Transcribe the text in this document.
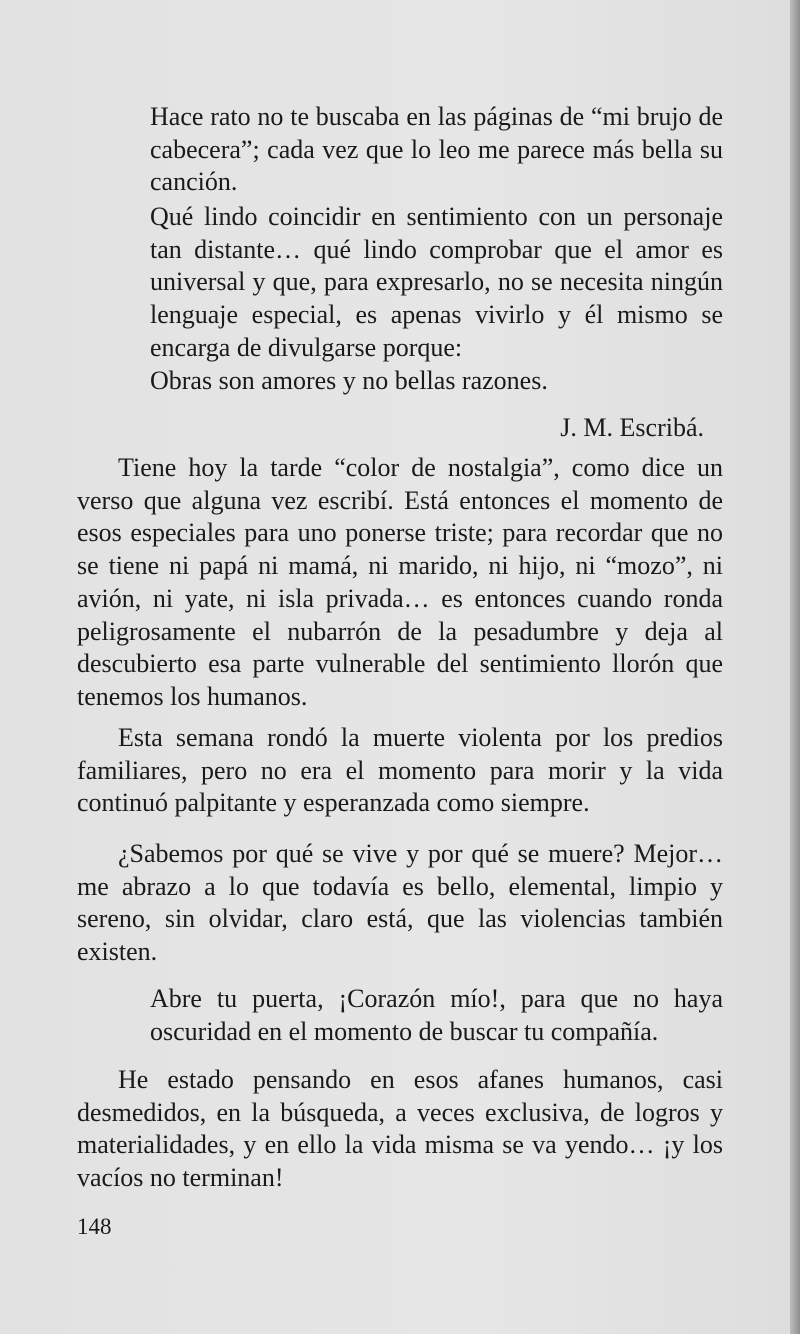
Hace rato no te buscaba en las páginas de “mi brujo de cabecera”; cada vez que lo leo me parece más bella su canción.

Qué lindo coincidir en sentimiento con un personaje tan distante… qué lindo comprobar que el amor es universal y que, para expresarlo, no se necesita ningún lenguaje especial, es apenas vivirlo y él mismo se encarga de divulgarse porque:

Obras son amores y no bellas razones.

J. M. Escribá.

Tiene hoy la tarde “color de nostalgia”, como dice un verso que alguna vez escribí. Está entonces el momento de esos especiales para uno ponerse triste; para recordar que no se tiene ni papá ni mamá, ni marido, ni hijo, ni “mozo”, ni avión, ni yate, ni isla privada… es entonces cuando ronda peligrosamente el nubarrón de la pesadumbre y deja al descubierto esa parte vulnerable del sentimiento llorón que tenemos los humanos.

Esta semana rondó la muerte violenta por los predios familiares, pero no era el momento para morir y la vida continuó palpitante y esperanzada como siempre.

¿Sabemos por qué se vive y por qué se muere? Mejor… me abrazo a lo que todavía es bello, elemental, limpio y sereno, sin olvidar, claro está, que las violencias también existen.

Abre tu puerta, ¡Corazón mío!, para que no haya oscuridad en el momento de buscar tu compañía.

He estado pensando en esos afanes humanos, casi desmedidos, en la búsqueda, a veces exclusiva, de logros y materialidades, y en ello la vida misma se va yendo… ¡y los vacíos no terminan!

148
